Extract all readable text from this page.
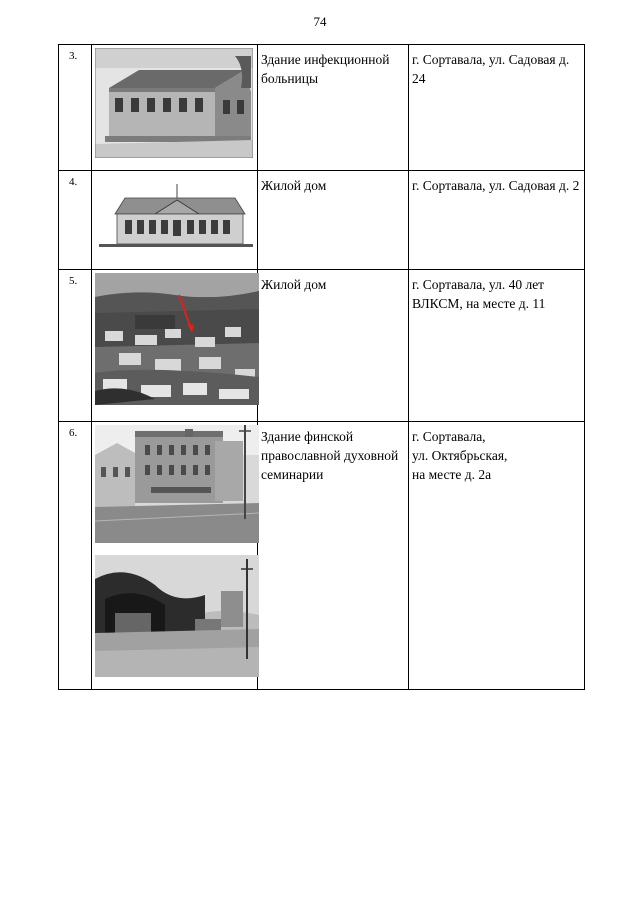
74
3.		Здание инфекционной больницы	г. Сортавала, ул. Садовая д. 24
4.		Жилой дом	г. Сортавала, ул. Садовая д. 2
5.		Жилой дом	г. Сортавала, ул. 40 лет ВЛКСМ, на месте д. 11
6.		Здание финской православной духовной семинарии	г. Сортавала,
ул. Октябрьская,
на месте д. 2а
